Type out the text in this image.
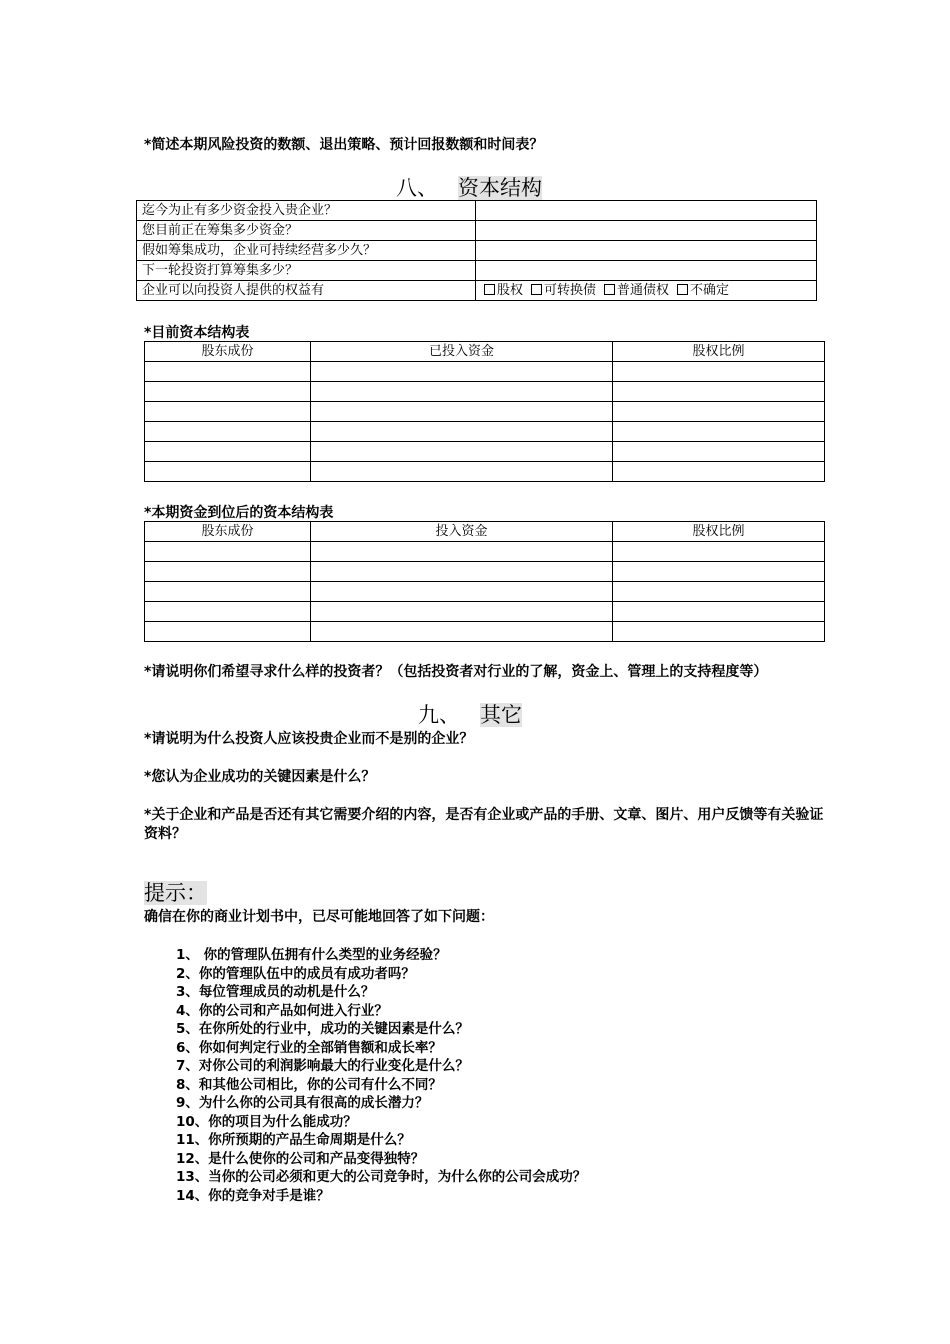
*简述本期风险投资的数额、退出策略、预计回报数额和时间表？
八、 资本结构
迄今为止有多少资金投入贵企业？	
您目前正在筹集多少资金？	
假如筹集成功，企业可持续经营多少久？	
下一轮投资打算筹集多少？	
企业可以向投资人提供的权益有	股权 可转换债 普通债权 不确定
*目前资本结构表
股东成份	已投入资金	股权比例

*本期资金到位后的资本结构表
股东成份	投入资金	股权比例

*请说明你们希望寻求什么样的投资者？（包括投资者对行业的了解，资金上、管理上的支持程度等）
九、 其它
*请说明为什么投资人应该投贵企业而不是别的企业？
*您认为企业成功的关键因素是什么？
*关于企业和产品是否还有其它需要介绍的内容，是否有企业或产品的手册、文章、图片、用户反馈等有关验证资料？
提示：
确信在你的商业计划书中，已尽可能地回答了如下问题：
1、 你的管理队伍拥有什么类型的业务经验？
2、你的管理队伍中的成员有成功者吗？
3、每位管理成员的动机是什么？
4、你的公司和产品如何进入行业？
5、在你所处的行业中，成功的关键因素是什么？
6、你如何判定行业的全部销售额和成长率？
7、对你公司的利润影响最大的行业变化是什么？
8、和其他公司相比，你的公司有什么不同？
9、为什么你的公司具有很高的成长潜力？
10、你的项目为什么能成功？
11、你所预期的产品生命周期是什么？
12、是什么使你的公司和产品变得独特？
13、当你的公司必须和更大的公司竞争时，为什么你的公司会成功？
14、你的竞争对手是谁？
